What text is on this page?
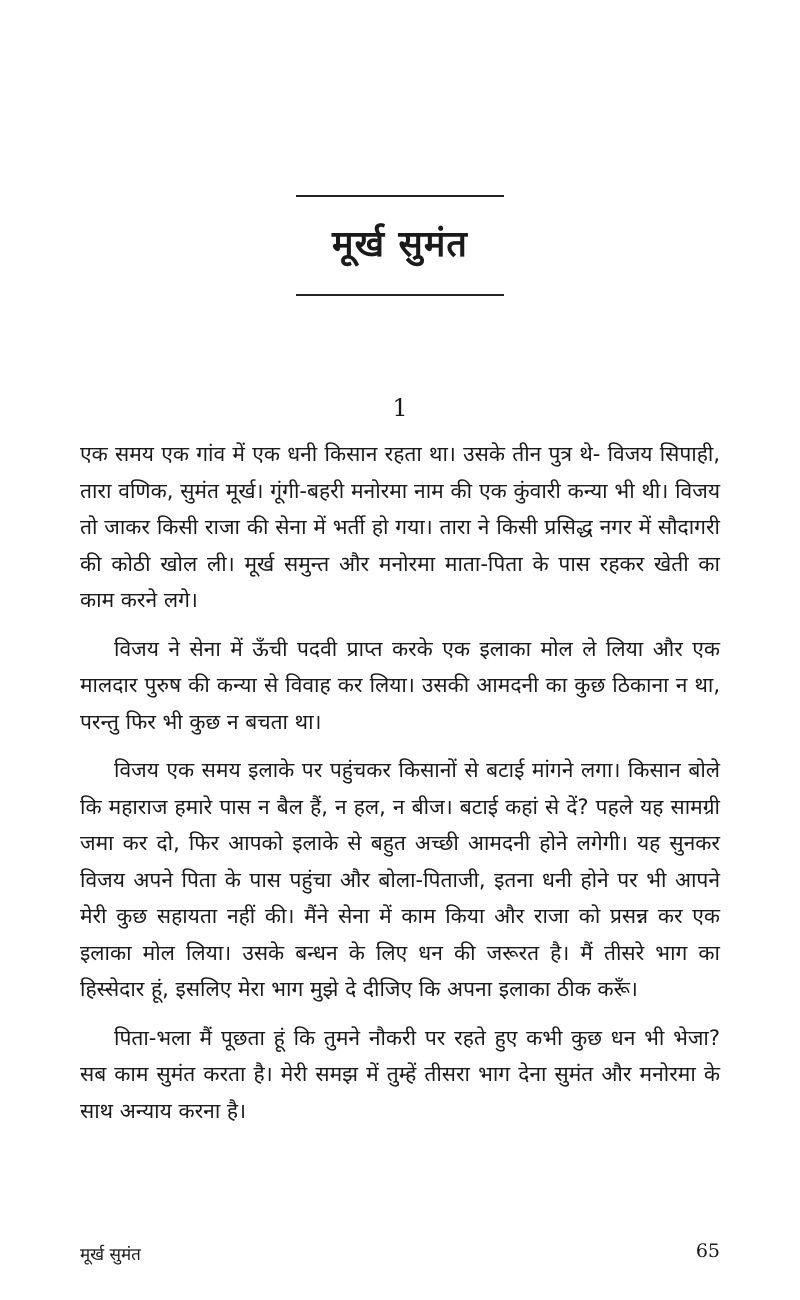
मूर्ख सुमंत
1

एक समय एक गांव में एक धनी किसान रहता था। उसके तीन पुत्र थे- विजय सिपाही, तारा वणिक, सुमंत मूर्ख। गूंगी-बहरी मनोरमा नाम की एक कुंवारी कन्या भी थी। विजय तो जाकर किसी राजा की सेना में भर्ती हो गया। तारा ने किसी प्रसिद्ध नगर में सौदागरी की कोठी खोल ली। मूर्ख समुन्त और मनोरमा माता-पिता के पास रहकर खेती का काम करने लगे।

विजय ने सेना में ऊँची पदवी प्राप्त करके एक इलाका मोल ले लिया और एक मालदार पुरुष की कन्या से विवाह कर लिया। उसकी आमदनी का कुछ ठिकाना न था, परन्तु फिर भी कुछ न बचता था।

विजय एक समय इलाके पर पहुंचकर किसानों से बटाई मांगने लगा। किसान बोले कि महाराज हमारे पास न बैल हैं, न हल, न बीज। बटाई कहां से दें? पहले यह सामग्री जमा कर दो, फिर आपको इलाके से बहुत अच्छी आमदनी होने लगेगी। यह सुनकर विजय अपने पिता के पास पहुंचा और बोला-पिताजी, इतना धनी होने पर भी आपने मेरी कुछ सहायता नहीं की। मैंने सेना में काम किया और राजा को प्रसन्न कर एक इलाका मोल लिया। उसके बन्धन के लिए धन की जरूरत है। मैं तीसरे भाग का हिस्सेदार हूं, इसलिए मेरा भाग मुझे दे दीजिए कि अपना इलाका ठीक करूँ।

पिता-भला मैं पूछता हूं कि तुमने नौकरी पर रहते हुए कभी कुछ धन भी भेजा? सब काम सुमंत करता है। मेरी समझ में तुम्हें तीसरा भाग देना सुमंत और मनोरमा के साथ अन्याय करना है।

मूर्ख सुमंत	65
